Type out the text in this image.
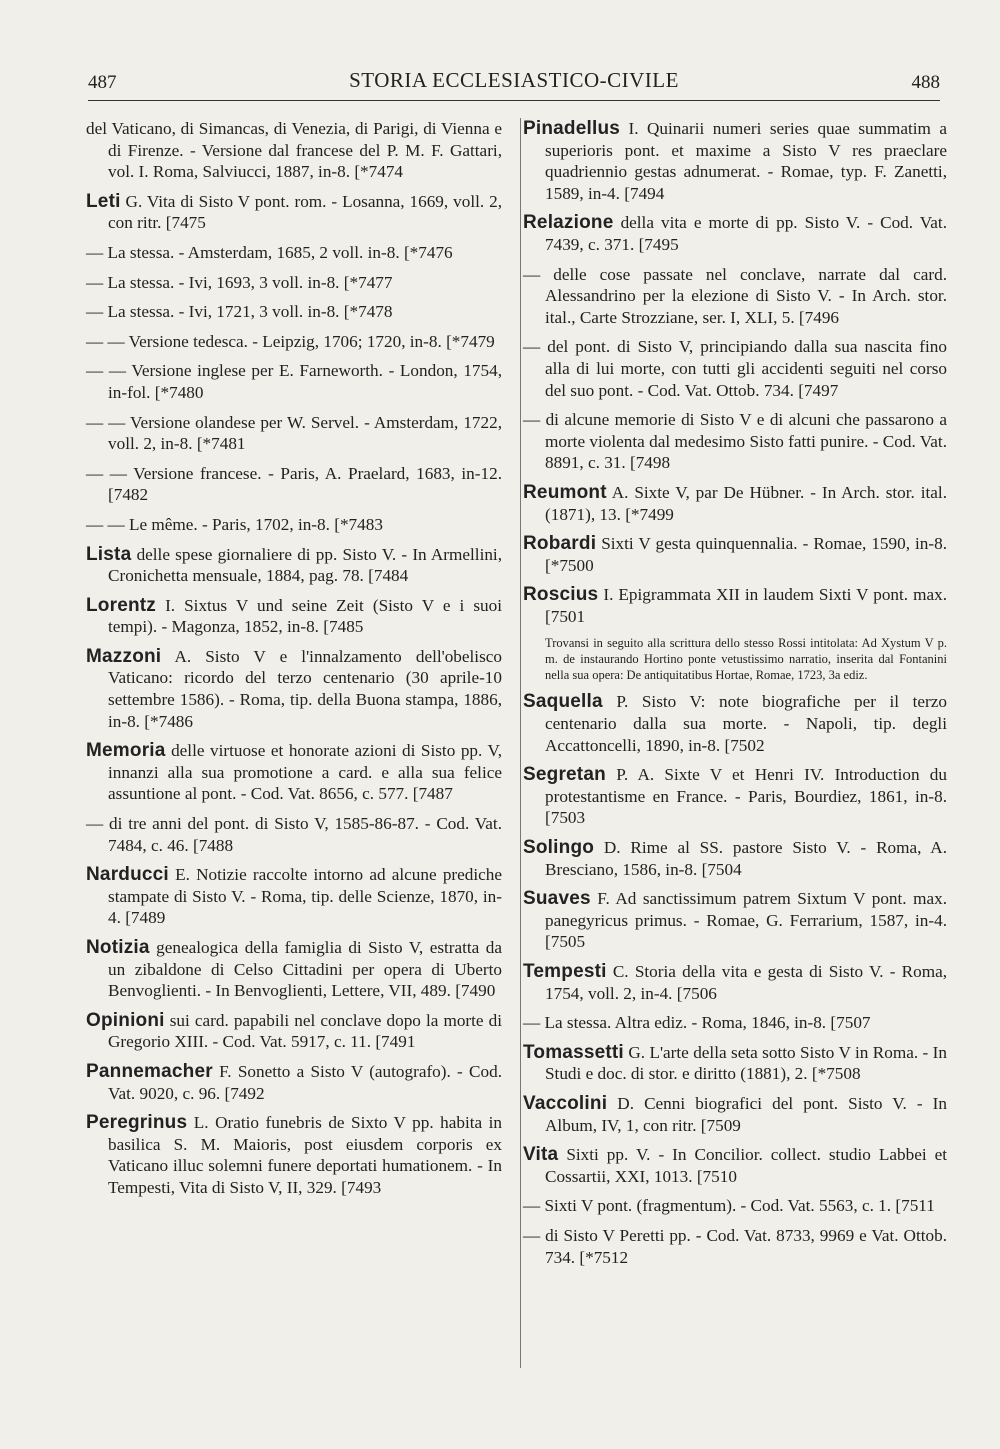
487	STORIA ECCLESIASTICO-CIVILE	488
del Vaticano, di Simancas, di Venezia, di Parigi, di Vienna e di Firenze. - Versione dal francese del P. M. F. Gattari, vol. I. Roma, Salviucci, 1887, in-8. [*7474
Leti G. Vita di Sisto V pont. rom. - Losanna, 1669, voll. 2, con ritr. [7475
— La stessa. - Amsterdam, 1685, 2 voll. in-8. [*7476
— La stessa. - Ivi, 1693, 3 voll. in-8. [*7477
— La stessa. - Ivi, 1721, 3 voll. in-8. [*7478
— — Versione tedesca. - Leipzig, 1706; 1720, in-8. [*7479
— — Versione inglese per E. Farneworth. - London, 1754, in-fol. [*7480
— — Versione olandese per W. Servel. - Amsterdam, 1722, voll. 2, in-8. [*7481
— — Versione francese. - Paris, A. Praelard, 1683, in-12. [7482
— — Le même. - Paris, 1702, in-8. [*7483
Lista delle spese giornaliere di pp. Sisto V. - In Armellini, Cronichetta mensuale, 1884, pag. 78. [7484
Lorentz I. Sixtus V und seine Zeit (Sisto V e i suoi tempi). - Magonza, 1852, in-8. [7485
Mazzoni A. Sisto V e l'innalzamento dell'obelisco Vaticano: ricordo del terzo centenario (30 aprile-10 settembre 1586). - Roma, tip. della Buona stampa, 1886, in-8. [*7486
Memoria delle virtuose et honorate azioni di Sisto pp. V, innanzi alla sua promotione a card. e alla sua felice assuntione al pont. - Cod. Vat. 8656, c. 577. [7487
— di tre anni del pont. di Sisto V, 1585-86-87. - Cod. Vat. 7484, c. 46. [7488
Narducci E. Notizie raccolte intorno ad alcune prediche stampate di Sisto V. - Roma, tip. delle Scienze, 1870, in-4. [7489
Notizia genealogica della famiglia di Sisto V, estratta da un zibaldone di Celso Cittadini per opera di Uberto Benvoglienti. - In Benvoglienti, Lettere, VII, 489. [7490
Opinioni sui card. papabili nel conclave dopo la morte di Gregorio XIII. - Cod. Vat. 5917, c. 11. [7491
Pannemacher F. Sonetto a Sisto V (autografo). - Cod. Vat. 9020, c. 96. [7492
Peregrinus L. Oratio funebris de Sixto V pp. habita in basilica S. M. Maioris, post eiusdem corporis ex Vaticano illuc solemni funere deportati humationem. - In Tempesti, Vita di Sisto V, II, 329. [7493
Pinadellus I. Quinarii numeri series quae summatim a superioris pont. et maxime a Sisto V res praeclare quadriennio gestas adnumerat. - Romae, typ. F. Zanetti, 1589, in-4. [7494
Relazione della vita e morte di pp. Sisto V. - Cod. Vat. 7439, c. 371. [7495
— delle cose passate nel conclave, narrate dal card. Alessandrino per la elezione di Sisto V. - In Arch. stor. ital., Carte Strozziane, ser. I, XLI, 5. [7496
— del pont. di Sisto V, principiando dalla sua nascita fino alla di lui morte, con tutti gli accidenti seguiti nel corso del suo pont. - Cod. Vat. Ottob. 734. [7497
— di alcune memorie di Sisto V e di alcuni che passarono a morte violenta dal medesimo Sisto fatti punire. - Cod. Vat. 8891, c. 31. [7498
Reumont A. Sixte V, par De Hübner. - In Arch. stor. ital. (1871), 13. [*7499
Robardi Sixti V gesta quinquennalia. - Romae, 1590, in-8. [*7500
Roscius I. Epigrammata XII in laudem Sixti V pont. max. [7501
Trovansi in seguito alla scrittura dello stesso Rossi intitolata: Ad Xystum V p. m. de instaurando Hortino ponte vetustissimo narratio, inserita dal Fontanini nella sua opera: De antiquitatibus Hortae, Romae, 1723, 3a ediz.
Saquella P. Sisto V: note biografiche per il terzo centenario dalla sua morte. - Napoli, tip. degli Accattoncelli, 1890, in-8. [7502
Segretan P. A. Sixte V et Henri IV. Introduction du protestantisme en France. - Paris, Bourdiez, 1861, in-8. [7503
Solingo D. Rime al SS. pastore Sisto V. - Roma, A. Bresciano, 1586, in-8. [7504
Suaves F. Ad sanctissimum patrem Sixtum V pont. max. panegyricus primus. - Romae, G. Ferrarium, 1587, in-4. [7505
Tempesti C. Storia della vita e gesta di Sisto V. - Roma, 1754, voll. 2, in-4. [7506
— La stessa. Altra ediz. - Roma, 1846, in-8. [7507
Tomassetti G. L'arte della seta sotto Sisto V in Roma. - In Studi e doc. di stor. e diritto (1881), 2. [*7508
Vaccolini D. Cenni biografici del pont. Sisto V. - In Album, IV, 1, con ritr. [7509
Vita Sixti pp. V. - In Concilior. collect. studio Labbei et Cossartii, XXI, 1013. [7510
— Sixti V pont. (fragmentum). - Cod. Vat. 5563, c. 1. [7511
— di Sisto V Peretti pp. - Cod. Vat. 8733, 9969 e Vat. Ottob. 734. [*7512
